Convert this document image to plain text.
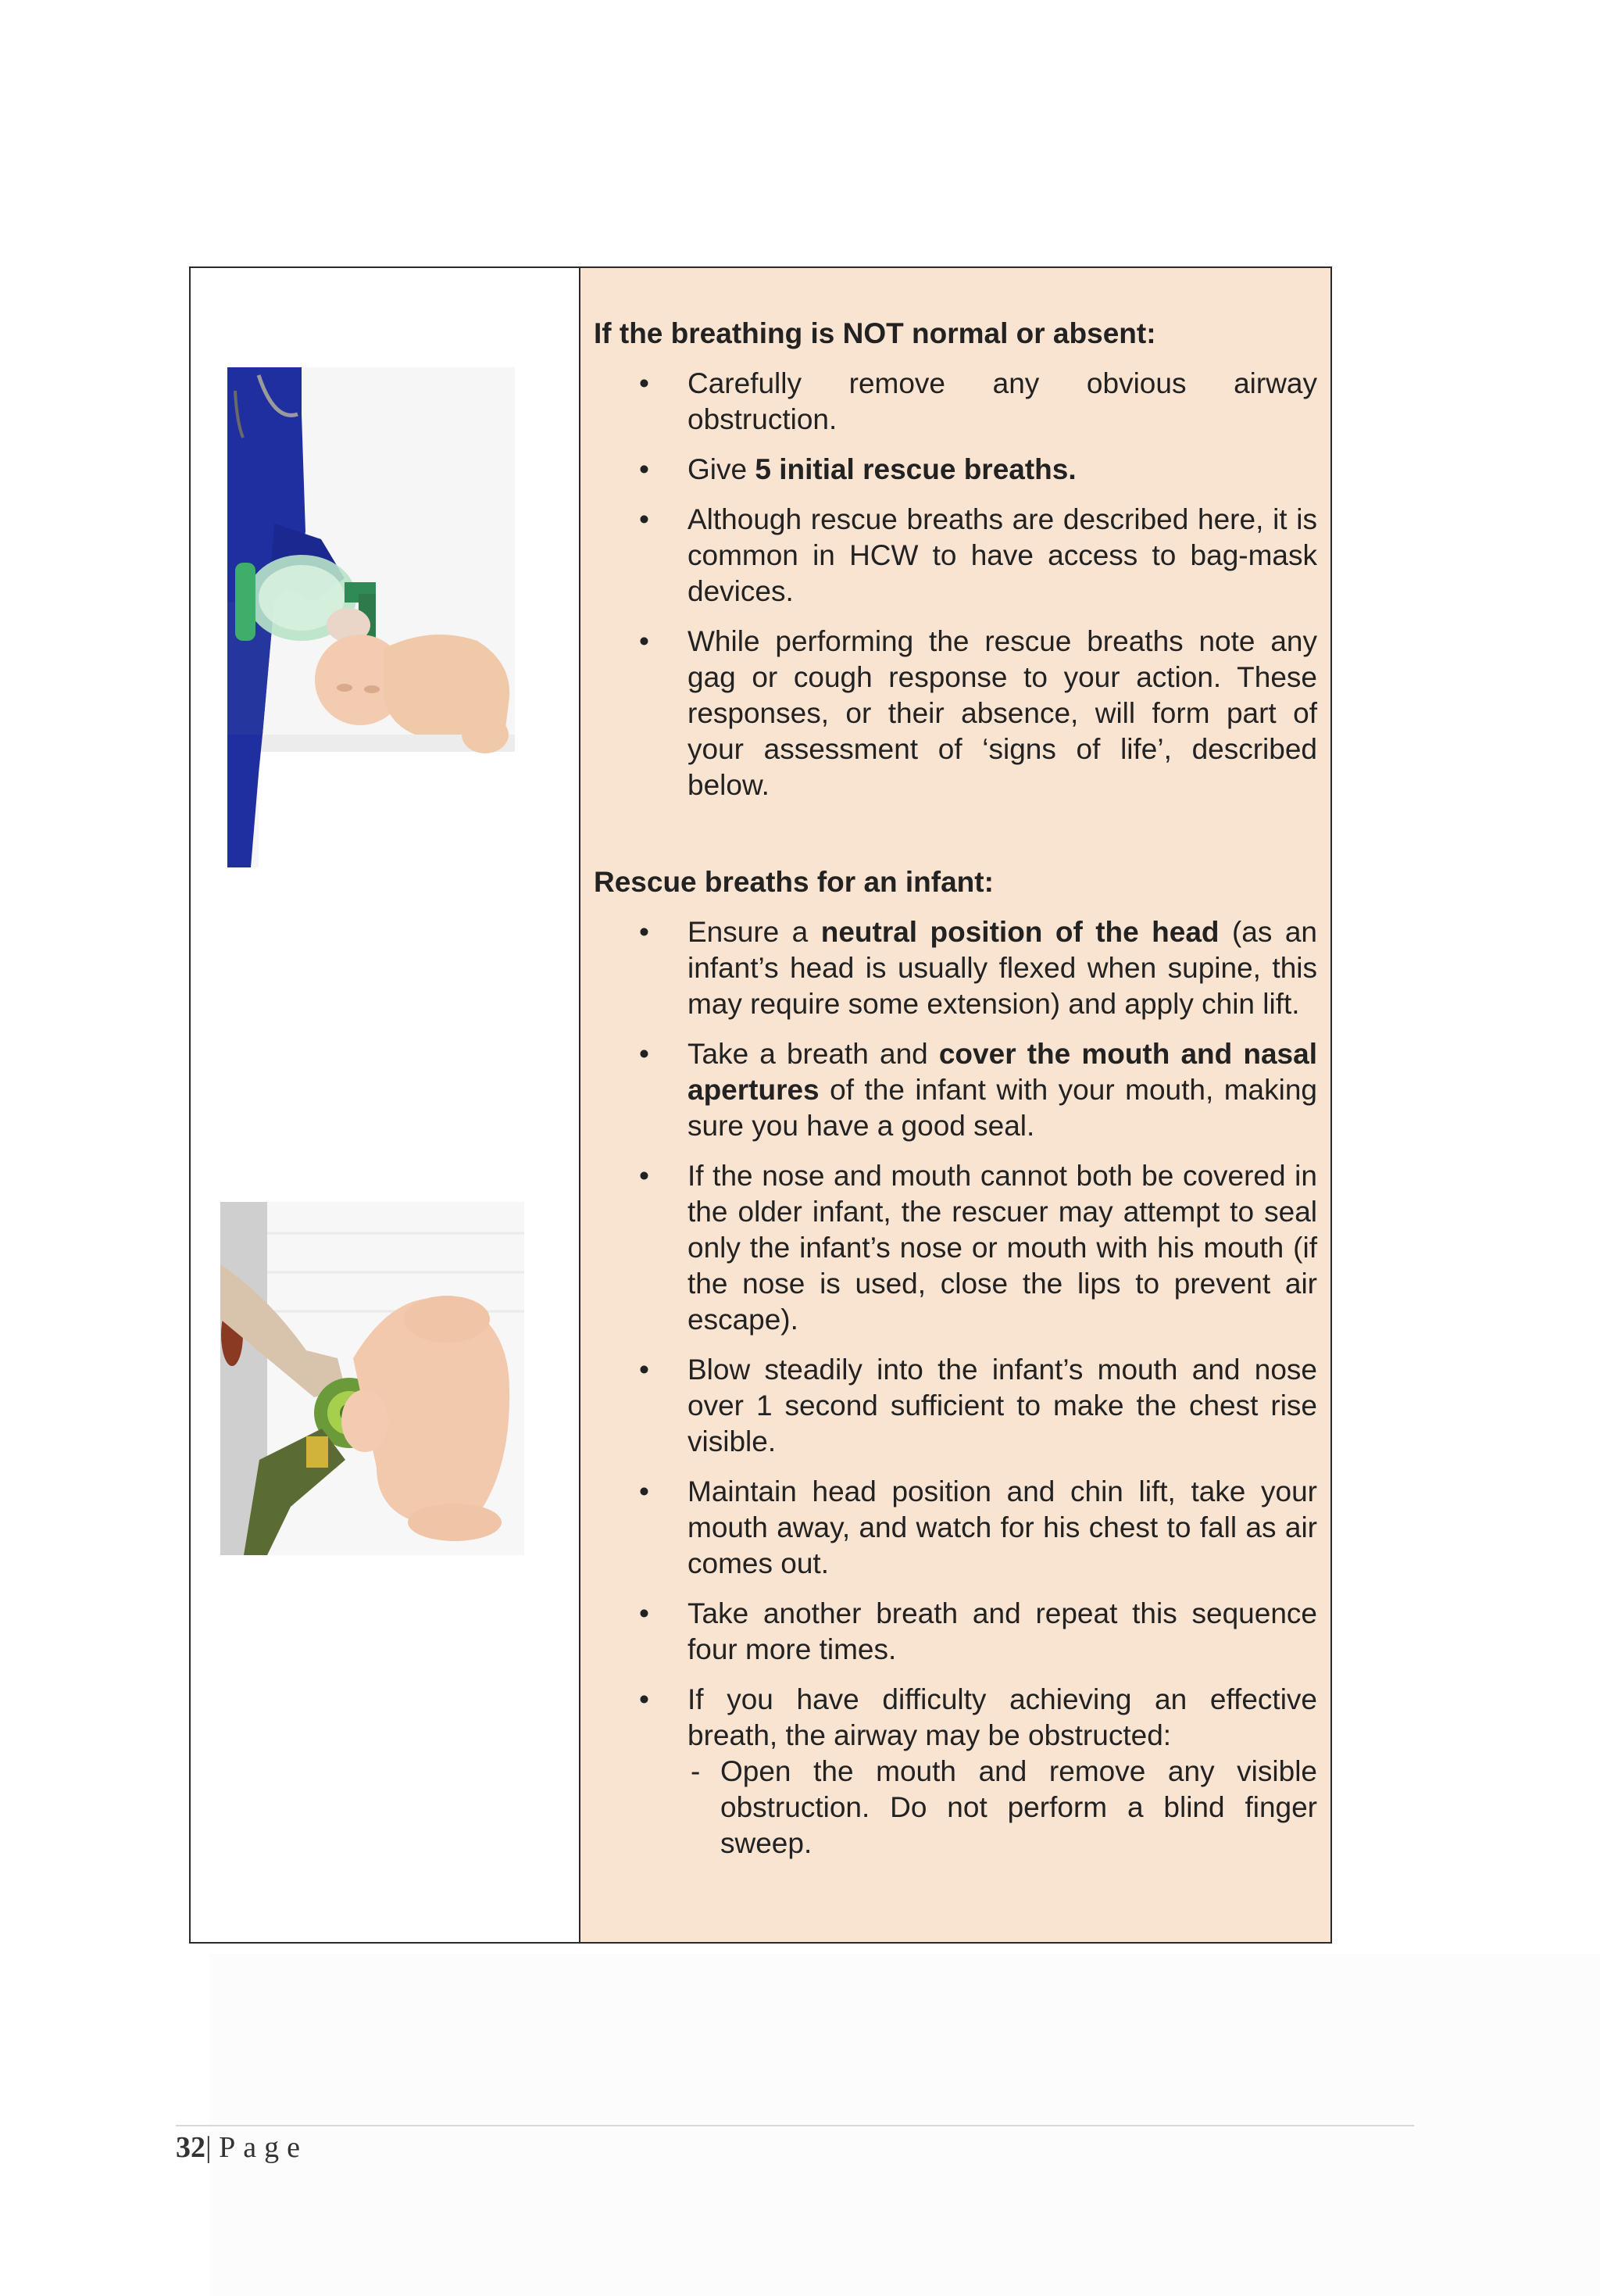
If the breathing is NOT normal or absent:
• Carefully remove any obvious airway obstruction.
• Give 5 initial rescue breaths.
• Although rescue breaths are described here, it is common in HCW to have access to bag-mask devices.
• While performing the rescue breaths note any gag or cough response to your action. These responses, or their absence, will form part of your assessment of ‘signs of life’, described below.
Rescue breaths for an infant:
• Ensure a neutral position of the head (as an infant’s head is usually flexed when supine, this may require some extension) and apply chin lift.
• Take a breath and cover the mouth and nasal apertures of the infant with your mouth, making sure you have a good seal.
• If the nose and mouth cannot both be covered in the older infant, the rescuer may attempt to seal only the infant’s nose or mouth with his mouth (if the nose is used, close the lips to prevent air escape).
• Blow steadily into the infant’s mouth and nose over 1 second sufficient to make the chest rise visible.
• Maintain head position and chin lift, take your mouth away, and watch for his chest to fall as air comes out.
• Take another breath and repeat this sequence four more times.
• If you have difficulty achieving an effective breath, the airway may be obstructed:
- Open the mouth and remove any visible obstruction. Do not perform a blind finger sweep.
32| Page
